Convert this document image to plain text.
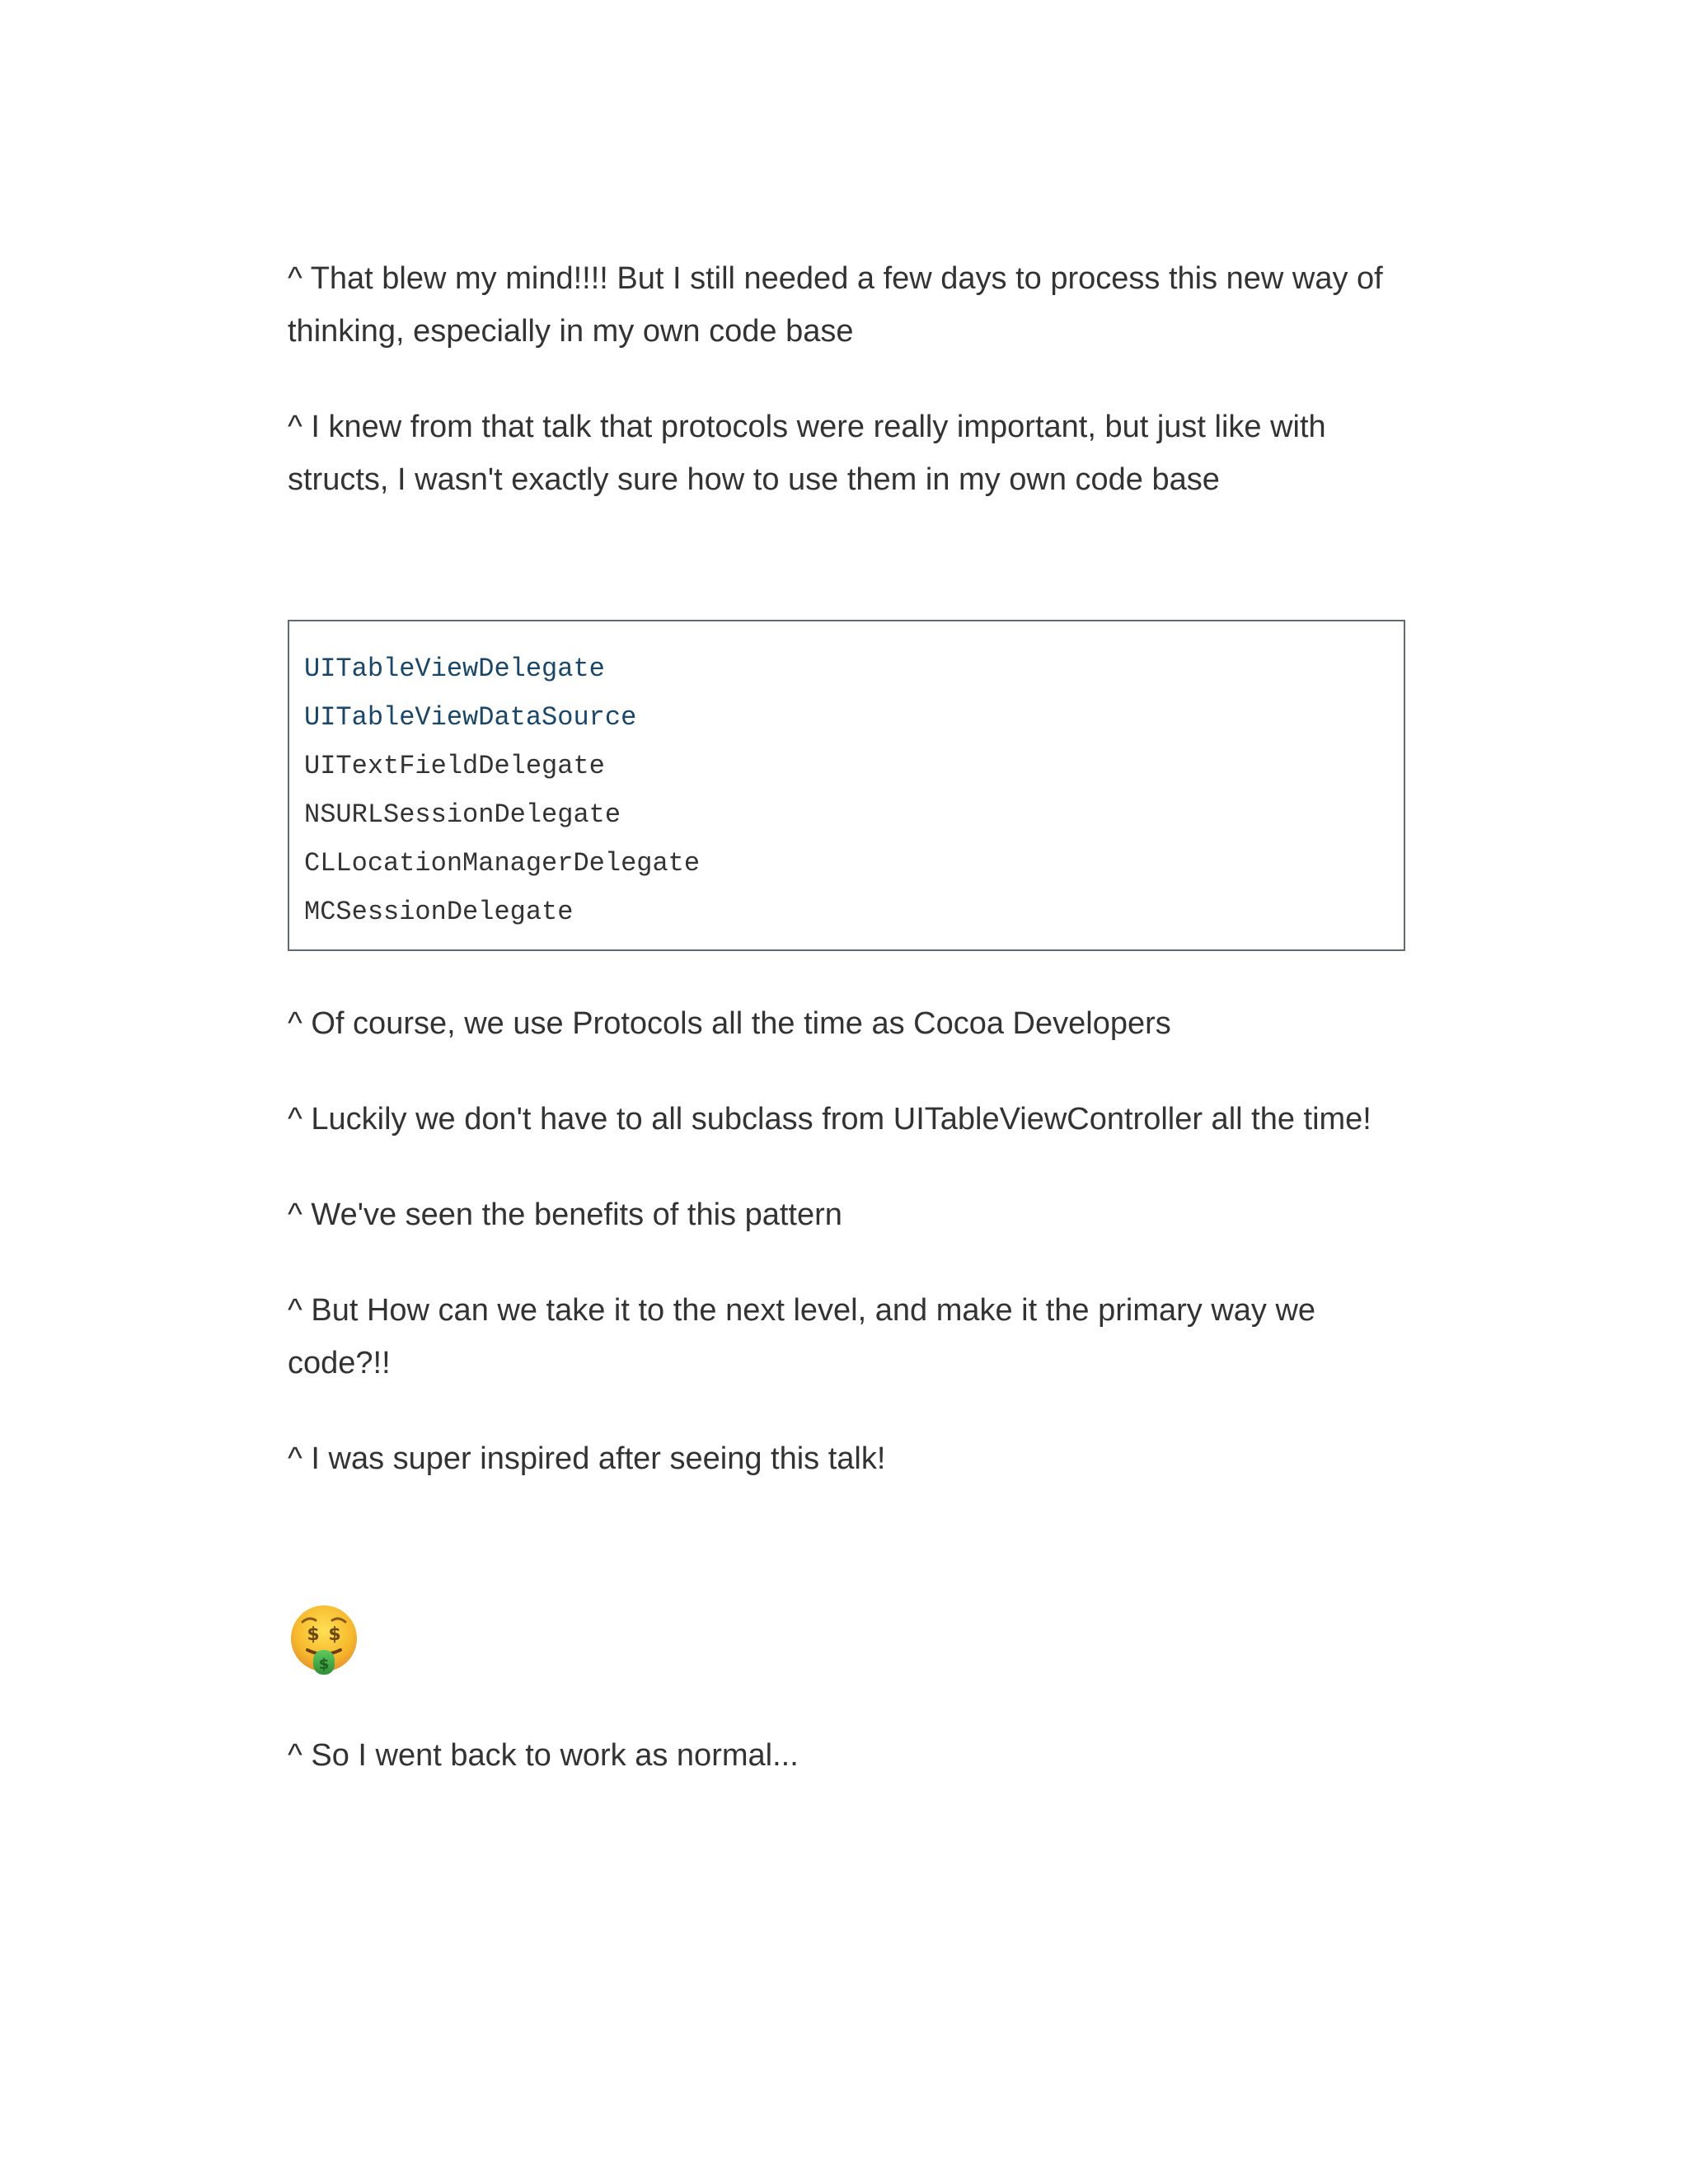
^ That blew my mind!!!! But I still needed a few days to process this new way of

thinking, especially in my own code base

^ I knew from that talk that protocols were really important, but just like with

structs, I wasn't exactly sure how to use them in my own code base

UITableViewDelegate
UITableViewDataSource
UITextFieldDelegate
NSURLSessionDelegate
CLLocationManagerDelegate
MCSessionDelegate

^ Of course, we use Protocols all the time as Cocoa Developers

^ Luckily we don't have to all subclass from UITableViewController all the time!

^ We've seen the benefits of this pattern

^ But How can we take it to the next level, and make it the primary way we

code?!!

^ I was super inspired after seeing this talk!

$ $
$

^ So I went back to work as normal...
